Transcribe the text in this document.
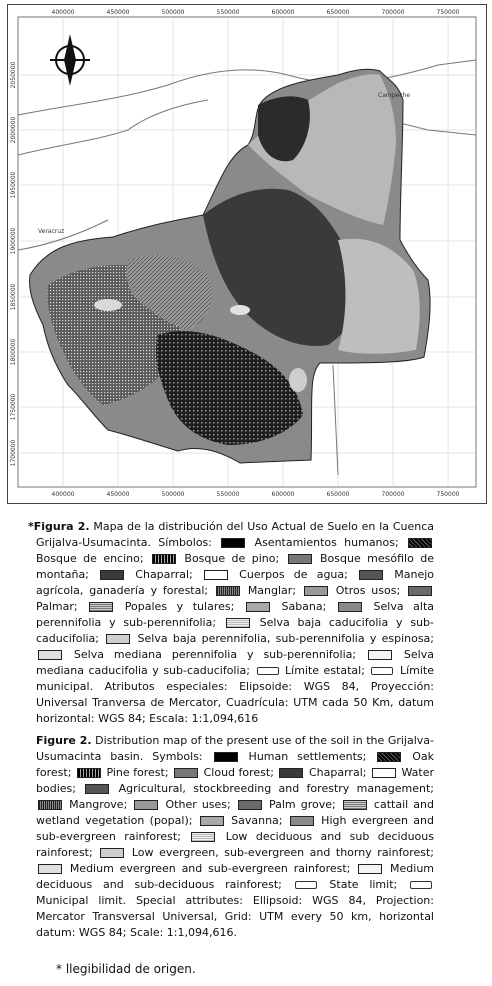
400000	450000	500000	550000	600000	650000	700000	750000
400000	450000	500000	550000	600000	650000	700000	750000
2050000
2000000
1950000
1900000
1850000
1800000
1750000
1700000
Campeche
Veracruz

*Figura 2. Mapa de la distribución del Uso Actual de Suelo en la Cuenca Grijalva-Usumacinta. Símbolos:	Asentamientos humanos;  Bosque de encino;	Bosque de pino;	Bosque mesófilo de montaña;	Chaparral;	Cuerpos de agua;	Manejo agrícola, ganadería y forestal;	Manglar;	Otros usos;  Palmar;	Popales y tulares;	Sabana;	Selva alta perennifolia y sub-perennifolia;	Selva baja caducifolia y sub-caducifolia;	Selva baja perennifolia, sub-perennifolia y espinosa;  Selva mediana perennifolia y sub-perennifolia;	Selva mediana caducifolia y sub-caducifolia;  Límite estatal;  Límite municipal. Atributos especiales: Elipsoide: WGS 84, Proyección: Universal Tranversa de Mercator, Cuadrícula: UTM cada 50 Km, datum horizontal: WGS 84; Escala: 1:1,094,616

Figure 2. Distribution map of the present use of the soil in the Grijalva-Usumacinta basin. Symbols:	Human settlements;	Oak forest;	Pine forest;	Cloud forest;	Chaparral;	Water bodies;	Agricultural, stockbreeding and forestry management;  Mangrove;	Other uses;	Palm grove;	cattail and wetland vegetation (popal);	Savanna;	High evergreen and sub-evergreen rainforest;	Low deciduous and sub deciduous rainforest;	Low evergreen, sub-evergreen and thorny rainforest;  Medium evergreen and sub-evergreen rainforest;	Medium deciduous and sub-deciduous rainforest;  State limit;  Municipal limit. Special attributes: Ellipsoid: WGS 84, Projection: Mercator Transversal Universal, Grid: UTM every 50 km, horizontal datum: WGS 84; Scale: 1:1,094,616.

* llegibilidad de origen.
